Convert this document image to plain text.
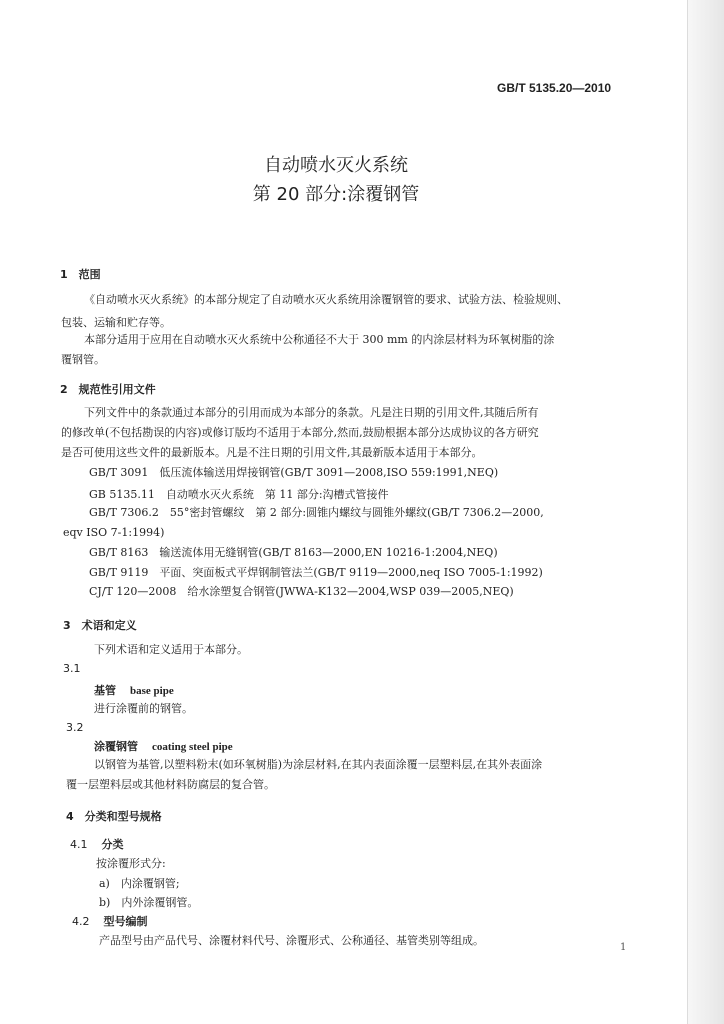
GB/T 5135.20—2010
自动喷水灭火系统
第 20 部分:涂覆钢管
1　范围
《自动喷水灭火系统》的本部分规定了自动喷水灭火系统用涂覆钢管的要求、试验方法、检验规则、
包装、运输和贮存等。
本部分适用于应用在自动喷水灭火系统中公称通径不大于 300 mm 的内涂层材料为环氧树脂的涂
覆钢管。
2　规范性引用文件
下列文件中的条款通过本部分的引用而成为本部分的条款。凡是注日期的引用文件,其随后所有
的修改单(不包括勘误的内容)或修订版均不适用于本部分,然而,鼓励根据本部分达成协议的各方研究
是否可使用这些文件的最新版本。凡是不注日期的引用文件,其最新版本适用于本部分。
GB/T 3091　低压流体输送用焊接钢管(GB/T 3091—2008,ISO 559:1991,NEQ)
GB 5135.11　自动喷水灭火系统　第 11 部分:沟槽式管接件
GB/T 7306.2　55°密封管螺纹　第 2 部分:圆锥内螺纹与圆锥外螺纹(GB/T 7306.2—2000,
eqv ISO 7-1:1994)
GB/T 8163　输送流体用无缝钢管(GB/T 8163—2000,EN 10216-1:2004,NEQ)
GB/T 9119　平面、突面板式平焊钢制管法兰(GB/T 9119—2000,neq ISO 7005-1:1992)
CJ/T 120—2008　给水涂塑复合钢管(JWWA-K132—2004,WSP 039—2005,NEQ)
3　术语和定义
下列术语和定义适用于本部分。
3.1
基管 base pipe
进行涂覆前的钢管。
3.2
涂覆钢管 coating steel pipe
以钢管为基管,以塑料粉末(如环氧树脂)为涂层材料,在其内表面涂覆一层塑料层,在其外表面涂
覆一层塑料层或其他材料防腐层的复合管。
4　分类和型号规格
4.1 分类
按涂覆形式分:
a)　内涂覆钢管;
b)　内外涂覆钢管。
4.2 型号编制
产品型号由产品代号、涂覆材料代号、涂覆形式、公称通径、基管类别等组成。
1
